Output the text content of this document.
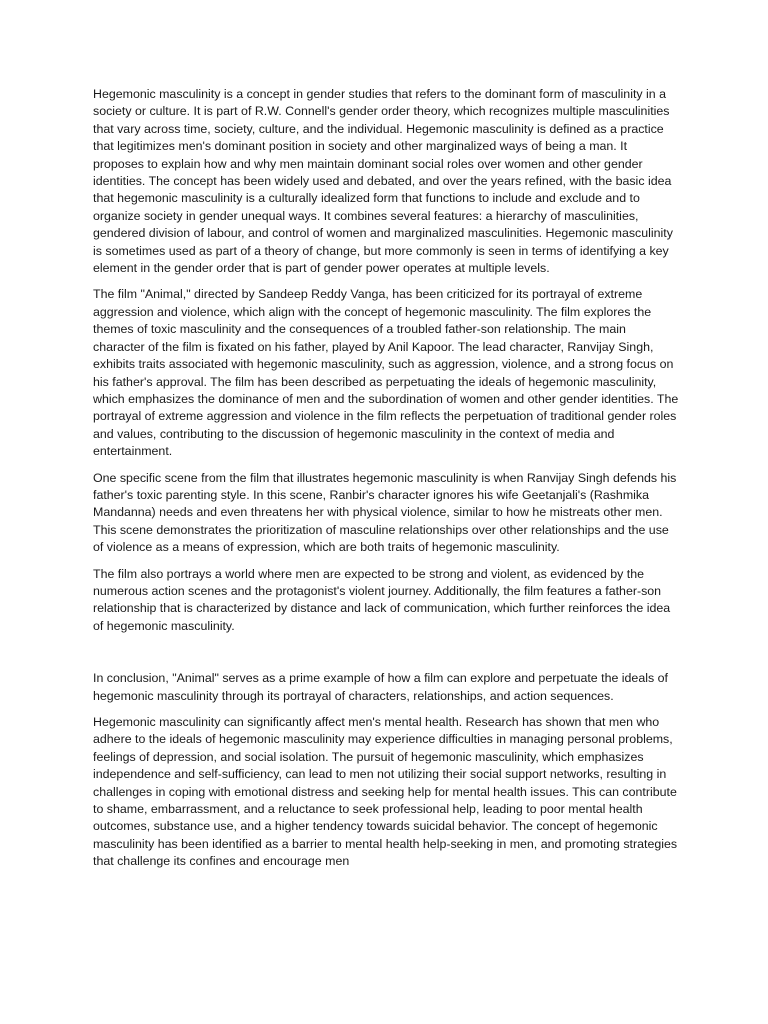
Hegemonic masculinity is a concept in gender studies that refers to the dominant form of masculinity in a society or culture. It is part of R.W. Connell's gender order theory, which recognizes multiple masculinities that vary across time, society, culture, and the individual. Hegemonic masculinity is defined as a practice that legitimizes men's dominant position in society and other marginalized ways of being a man. It proposes to explain how and why men maintain dominant social roles over women and other gender identities. The concept has been widely used and debated, and over the years refined, with the basic idea that hegemonic masculinity is a culturally idealized form that functions to include and exclude and to organize society in gender unequal ways. It combines several features: a hierarchy of masculinities, gendered division of labour, and control of women and marginalized masculinities. Hegemonic masculinity is sometimes used as part of a theory of change, but more commonly is seen in terms of identifying a key element in the gender order that is part of gender power operates at multiple levels.

The film "Animal," directed by Sandeep Reddy Vanga, has been criticized for its portrayal of extreme aggression and violence, which align with the concept of hegemonic masculinity. The film explores the themes of toxic masculinity and the consequences of a troubled father-son relationship. The main character of the film is fixated on his father, played by Anil Kapoor. The lead character, Ranvijay Singh, exhibits traits associated with hegemonic masculinity, such as aggression, violence, and a strong focus on his father's approval. The film has been described as perpetuating the ideals of hegemonic masculinity, which emphasizes the dominance of men and the subordination of women and other gender identities. The portrayal of extreme aggression and violence in the film reflects the perpetuation of traditional gender roles and values, contributing to the discussion of hegemonic masculinity in the context of media and entertainment.

One specific scene from the film that illustrates hegemonic masculinity is when Ranvijay Singh defends his father's toxic parenting style. In this scene, Ranbir's character ignores his wife Geetanjali's (Rashmika Mandanna) needs and even threatens her with physical violence, similar to how he mistreats other men. This scene demonstrates the prioritization of masculine relationships over other relationships and the use of violence as a means of expression, which are both traits of hegemonic masculinity.

The film also portrays a world where men are expected to be strong and violent, as evidenced by the numerous action scenes and the protagonist's violent journey. Additionally, the film features a father-son relationship that is characterized by distance and lack of communication, which further reinforces the idea of hegemonic masculinity.

In conclusion, "Animal" serves as a prime example of how a film can explore and perpetuate the ideals of hegemonic masculinity through its portrayal of characters, relationships, and action sequences.

Hegemonic masculinity can significantly affect men's mental health. Research has shown that men who adhere to the ideals of hegemonic masculinity may experience difficulties in managing personal problems, feelings of depression, and social isolation. The pursuit of hegemonic masculinity, which emphasizes independence and self-sufficiency, can lead to men not utilizing their social support networks, resulting in challenges in coping with emotional distress and seeking help for mental health issues. This can contribute to shame, embarrassment, and a reluctance to seek professional help, leading to poor mental health outcomes, substance use, and a higher tendency towards suicidal behavior. The concept of hegemonic masculinity has been identified as a barrier to mental health help-seeking in men, and promoting strategies that challenge its confines and encourage men
